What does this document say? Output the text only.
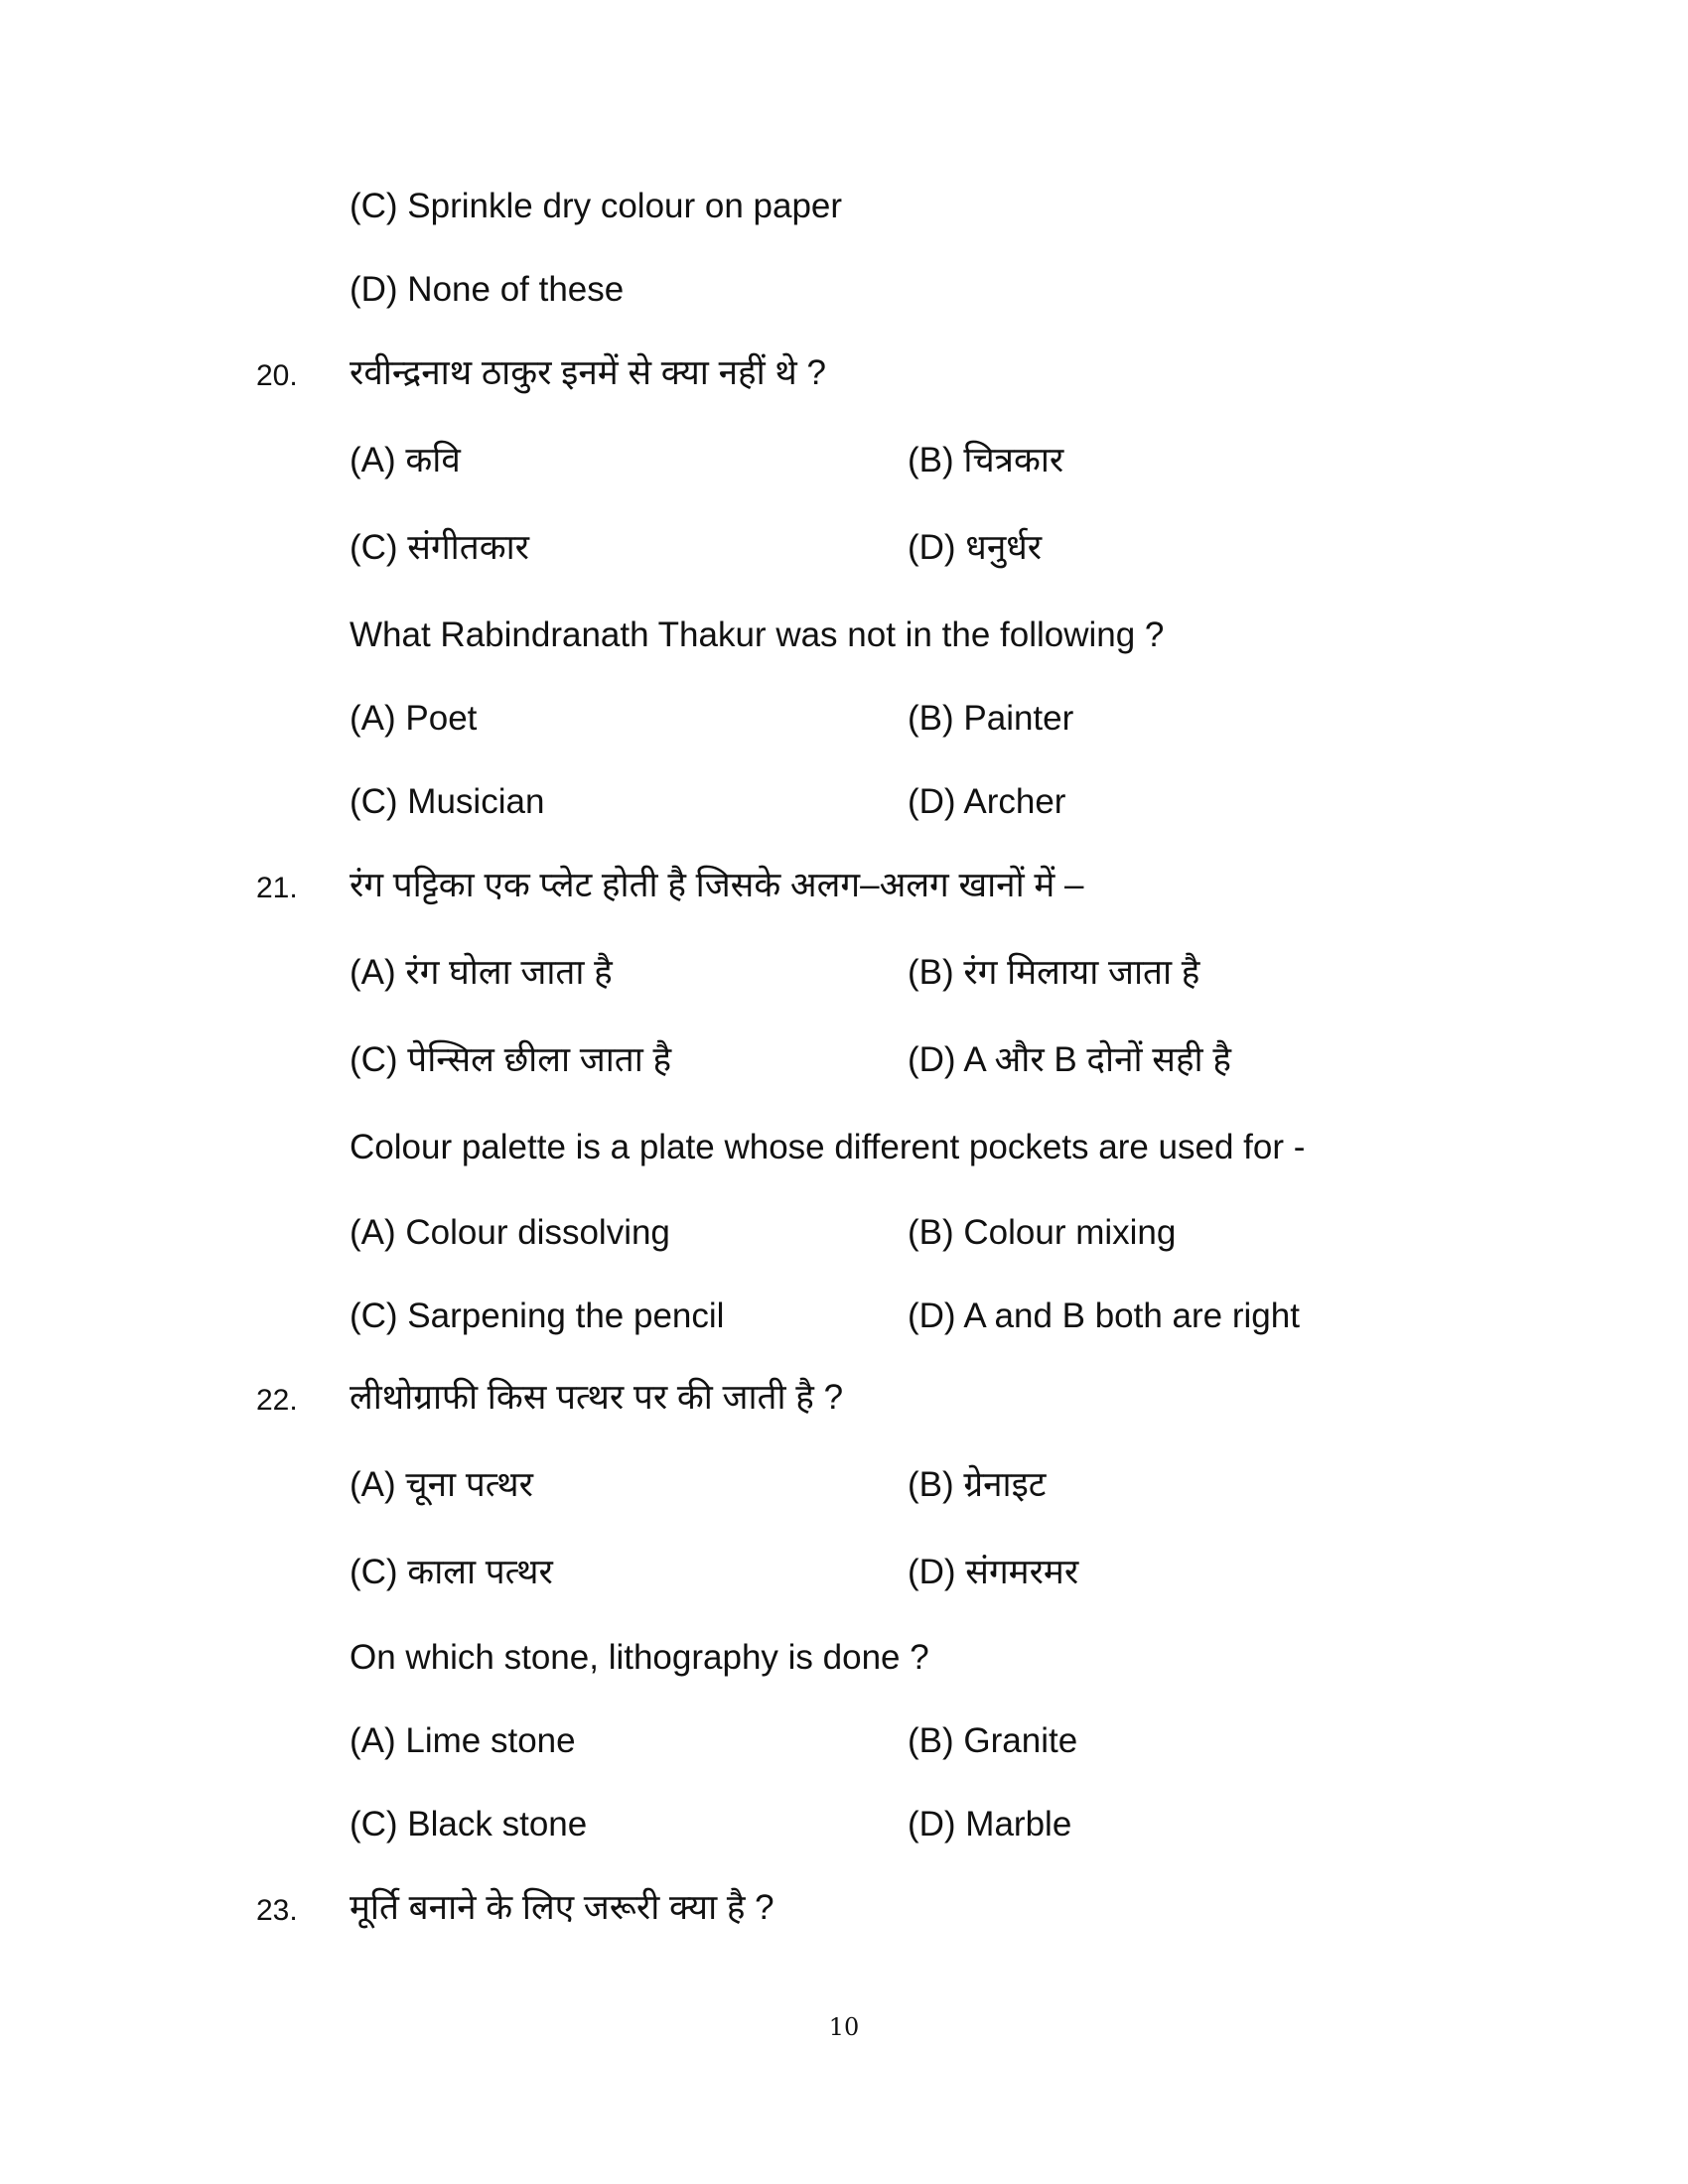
(C) Sprinkle dry colour on paper
(D) None of these
20. रवीन्द्रनाथ ठाकुर इनमें से क्या नहीं थे ?
(A) कवि	(B) चित्रकार
(C) संगीतकार	(D) धनुर्धर
What Rabindranath Thakur was not in the following ?
(A) Poet	(B) Painter
(C) Musician	(D) Archer
21. रंग पट्टिका एक प्लेट होती है जिसके अलग–अलग खानों में –
(A) रंग घोला जाता है	(B) रंग मिलाया जाता है
(C) पेन्सिल छीला जाता है	(D) A और B दोनों सही है
Colour palette is a plate whose different pockets are used for -
(A) Colour dissolving	(B) Colour mixing
(C) Sarpening the pencil	(D) A and B both are right
22. लीथोग्राफी किस पत्थर पर की जाती है ?
(A) चूना पत्थर	(B) ग्रेनाइट
(C) काला पत्थर	(D) संगमरमर
On which stone, lithography is done ?
(A) Lime stone	(B) Granite
(C) Black stone	(D) Marble
23. मूर्ति बनाने के लिए जरूरी क्या है ?
10
